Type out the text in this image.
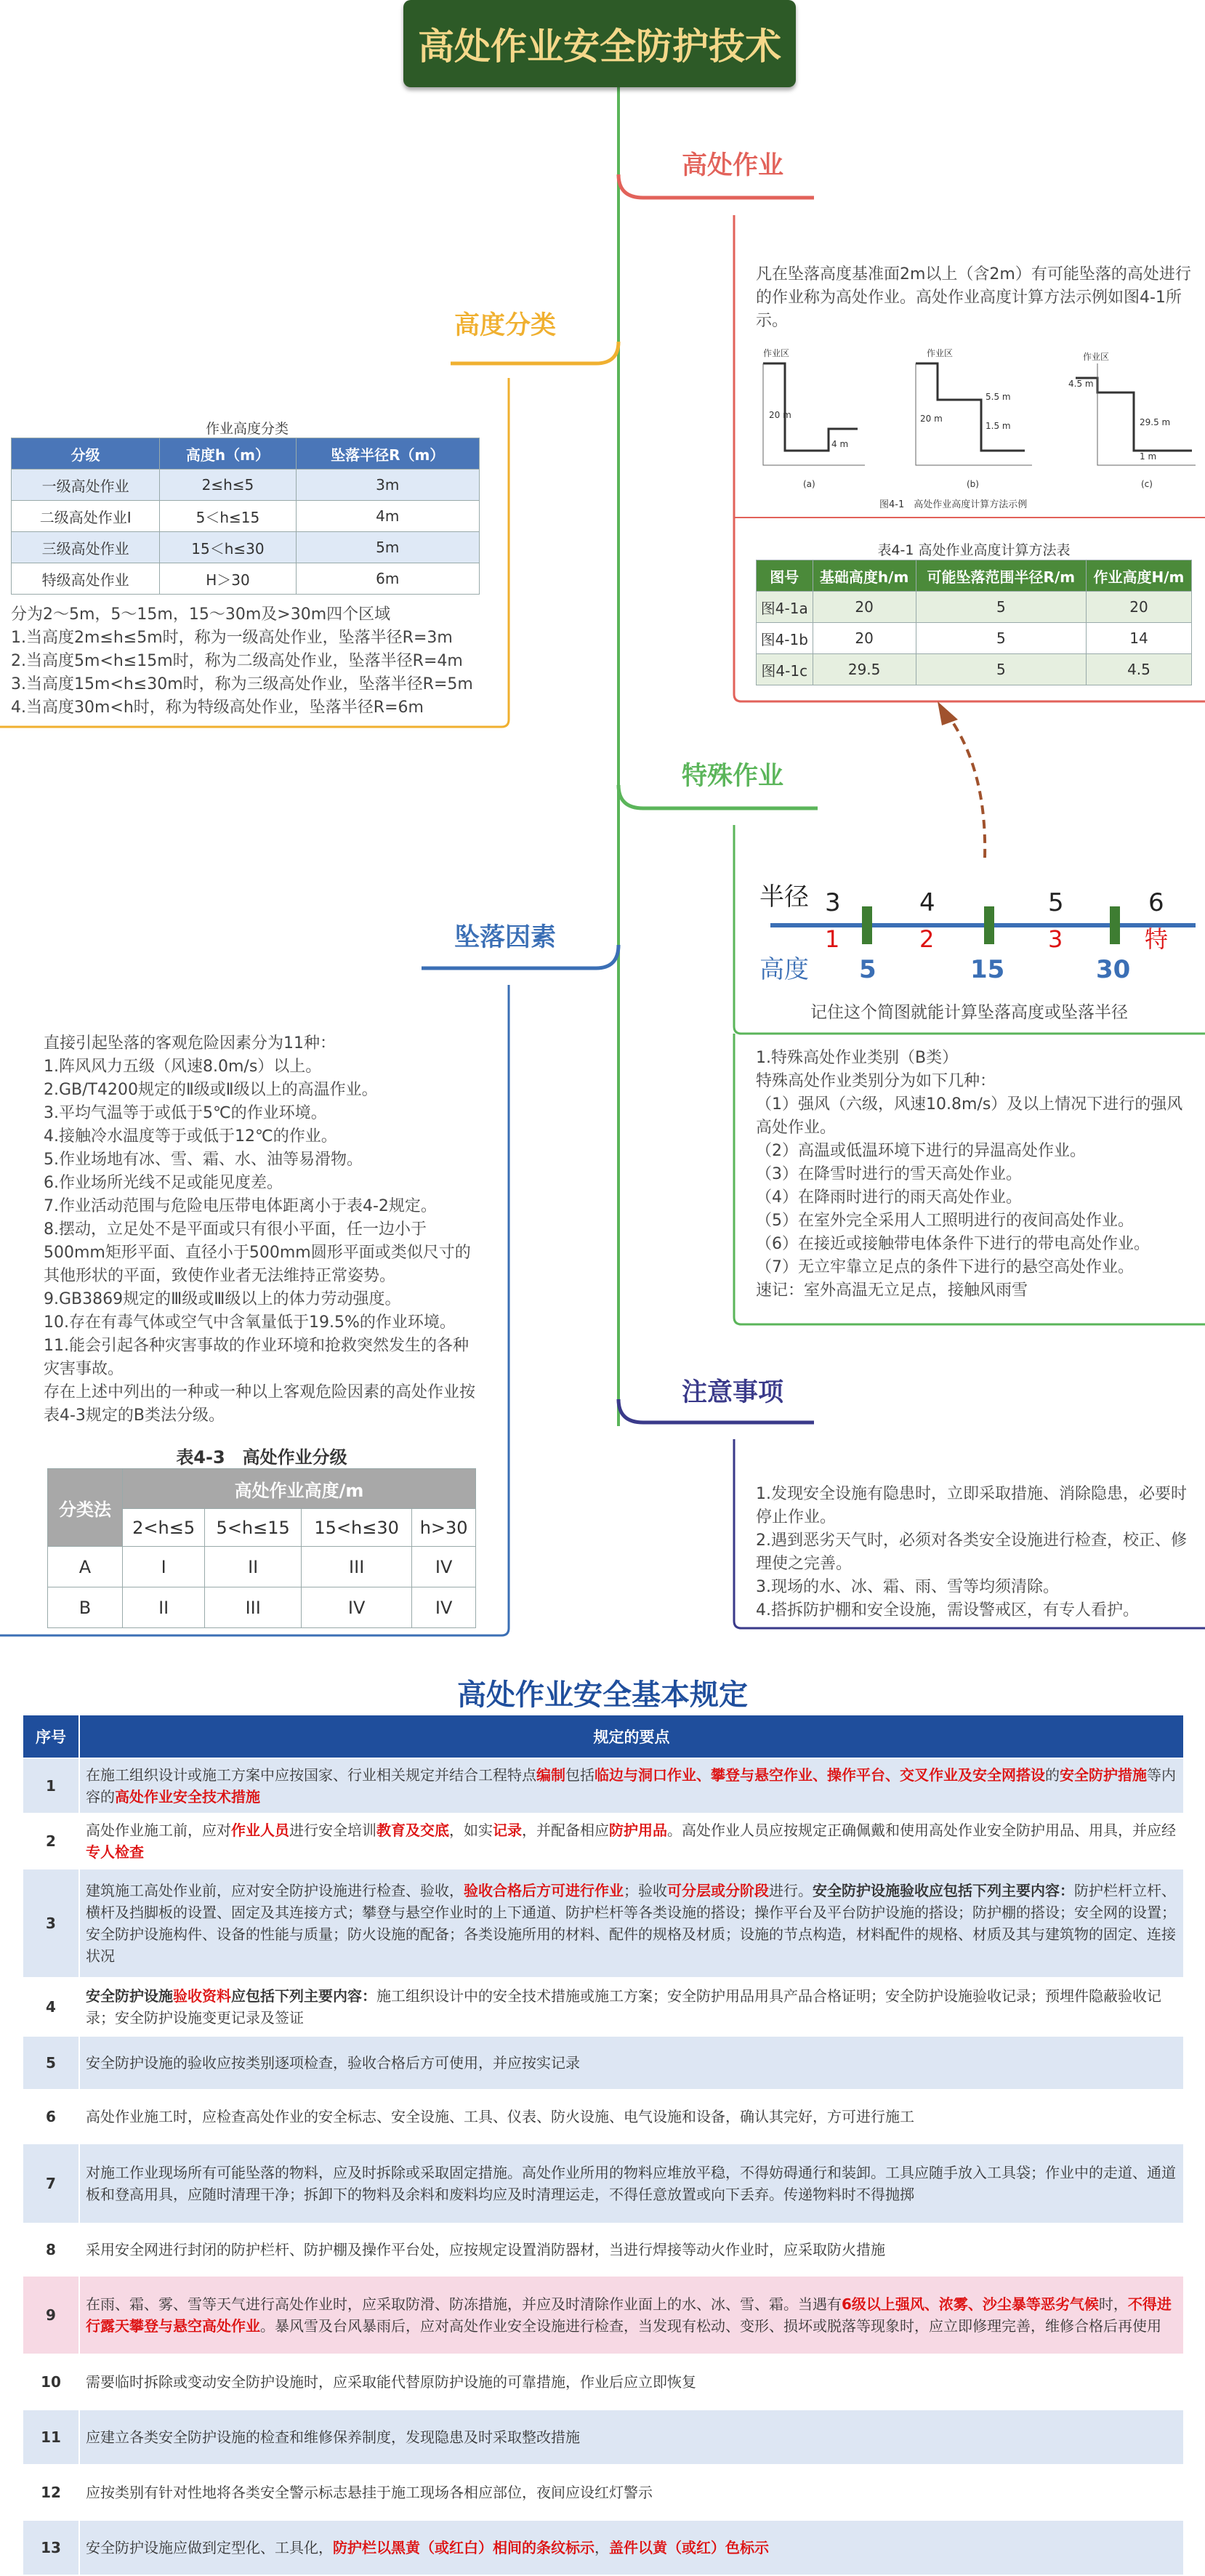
高处作业安全防护技术
高处作业
高度分类
特殊作业
坠落因素
注意事项
凡在坠落高度基准面2m以上（含2m）有可能坠落的高处进行的作业称为高处作业。高处作业高度计算方法示例如图4-1所示。
作业区
20 m
4 m
(a)
作业区
20 m
5.5 m
1.5 m
(b)
作业区
4.5 m
29.5 m
1 m
(c)
图4-1　高处作业高度计算方法示例
表4-1 高处作业高度计算方法表
图号	基础高度h/m	可能坠落范围半径R/m	作业高度H/m
图4-1a	20	5	20
图4-1b	20	5	14
图4-1c	29.5	5	4.5
作业高度分类
分级	高度h（m）	坠落半径R（m）
一级高处作业	2≤h≤5	3m
二级高处作业I	5＜h≤15	4m
三级高处作业	15＜h≤30	5m
特级高处作业	H＞30	6m

分为2～5m，5～15m，15～30m及>30m四个区域

1.当高度2m≤h≤5m时，称为一级高处作业，坠落半径R=3m

2.当高度5m<h≤15m时，称为二级高处作业，坠落半径R=4m

3.当高度15m<h≤30m时，称为三级高处作业，坠落半径R=5m

4.当高度30m<h时，称为特级高处作业，坠落半径R=6m

半径 3	4	5	6
1	2	3	特
高度 5	15	30
记住这个简图就能计算坠落高度或坠落半径

1.特殊高处作业类别（B类）

特殊高处作业类别分为如下几种：

（1）强风（六级，风速10.8m/s）及以上情况下进行的强风高处作业。

（2）高温或低温环境下进行的异温高处作业。

（3）在降雪时进行的雪天高处作业。

（4）在降雨时进行的雨天高处作业。

（5）在室外完全采用人工照明进行的夜间高处作业。

（6）在接近或接触带电体条件下进行的带电高处作业。

（7）无立牢靠立足点的条件下进行的悬空高处作业。

速记：室外高温无立足点，接触风雨雪

直接引起坠落的客观危险因素分为11种：

1.阵风风力五级（风速8.0m/s）以上。

2.GB/T4200规定的Ⅱ级或Ⅱ级以上的高温作业。

3.平均气温等于或低于5℃的作业环境。

4.接触冷水温度等于或低于12℃的作业。

5.作业场地有冰、雪、霜、水、油等易滑物。

6.作业场所光线不足或能见度差。

7.作业活动范围与危险电压带电体距离小于表4-2规定。

8.摆动，立足处不是平面或只有很小平面，任一边小于500mm矩形平面、直径小于500mm圆形平面或类似尺寸的其他形状的平面，致使作业者无法维持正常姿势。

9.GB3869规定的Ⅲ级或Ⅲ级以上的体力劳动强度。

10.存在有毒气体或空气中含氧量低于19.5%的作业环境。

11.能会引起各种灾害事故的作业环境和抢救突然发生的各种灾害事故。

存在上述中列出的一种或一种以上客观危险因素的高处作业按表4-3规定的B类法分级。

表4-3　高处作业分级
分类法	高处作业高度/m			
	2<h≤5	5<h≤15	15<h≤30	h>30
A	I	II	III	IV
B	II	III	IV	IV

1.发现安全设施有隐患时，立即采取措施、消除隐患，必要时停止作业。

2.遇到恶劣天气时，必须对各类安全设施进行检查，校正、修理使之完善。

3.现场的水、冰、霜、雨、雪等均须清除。

4.搭拆防护棚和安全设施，需设警戒区，有专人看护。

高处作业安全基本规定
序号	规定的要点
1	在施工组织设计或施工方案中应按国家、行业相关规定并结合工程特点编制包括临边与洞口作业、攀登与悬空作业、操作平台、交叉作业及安全网搭设的安全防护措施等内容的高处作业安全技术措施
2	高处作业施工前，应对作业人员进行安全培训教育及交底，如实记录，并配备相应防护用品。高处作业人员应按规定正确佩戴和使用高处作业安全防护用品、用具，并应经专人检查
3	建筑施工高处作业前，应对安全防护设施进行检查、验收，验收合格后方可进行作业；验收可分层或分阶段进行。安全防护设施验收应包括下列主要内容：防护栏杆立杆、横杆及挡脚板的设置、固定及其连接方式；攀登与悬空作业时的上下通道、防护栏杆等各类设施的搭设；操作平台及平台防护设施的搭设；防护棚的搭设；安全网的设置；安全防护设施构件、设备的性能与质量；防火设施的配备；各类设施所用的材料、配件的规格及材质；设施的节点构造，材料配件的规格、材质及其与建筑物的固定、连接状况
4	安全防护设施验收资料应包括下列主要内容：施工组织设计中的安全技术措施或施工方案；安全防护用品用具产品合格证明；安全防护设施验收记录；预埋件隐蔽验收记录；安全防护设施变更记录及签证
5	安全防护设施的验收应按类别逐项检查，验收合格后方可使用，并应按实记录
6	高处作业施工时，应检查高处作业的安全标志、安全设施、工具、仪表、防火设施、电气设施和设备，确认其完好，方可进行施工
7	对施工作业现场所有可能坠落的物料，应及时拆除或采取固定措施。高处作业所用的物料应堆放平稳，不得妨碍通行和装卸。工具应随手放入工具袋；作业中的走道、通道板和登高用具，应随时清理干净；拆卸下的物料及余料和废料均应及时清理运走，不得任意放置或向下丢弃。传递物料时不得抛掷
8	采用安全网进行封闭的防护栏杆、防护棚及操作平台处，应按规定设置消防器材，当进行焊接等动火作业时，应采取防火措施
9	在雨、霜、雾、雪等天气进行高处作业时，应采取防滑、防冻措施，并应及时清除作业面上的水、冰、雪、霜。当遇有6级以上强风、浓雾、沙尘暴等恶劣气候时，不得进行露天攀登与悬空高处作业。暴风雪及台风暴雨后，应对高处作业安全设施进行检查，当发现有松动、变形、损坏或脱落等现象时，应立即修理完善，维修合格后再使用
10	需要临时拆除或变动安全防护设施时，应采取能代替原防护设施的可靠措施，作业后应立即恢复
11	应建立各类安全防护设施的检查和维修保养制度，发现隐患及时采取整改措施
12	应按类别有针对性地将各类安全警示标志悬挂于施工现场各相应部位，夜间应设红灯警示
13	安全防护设施应做到定型化、工具化，防护栏以黑黄（或红白）相间的条纹标示，盖件以黄（或红）色标示
